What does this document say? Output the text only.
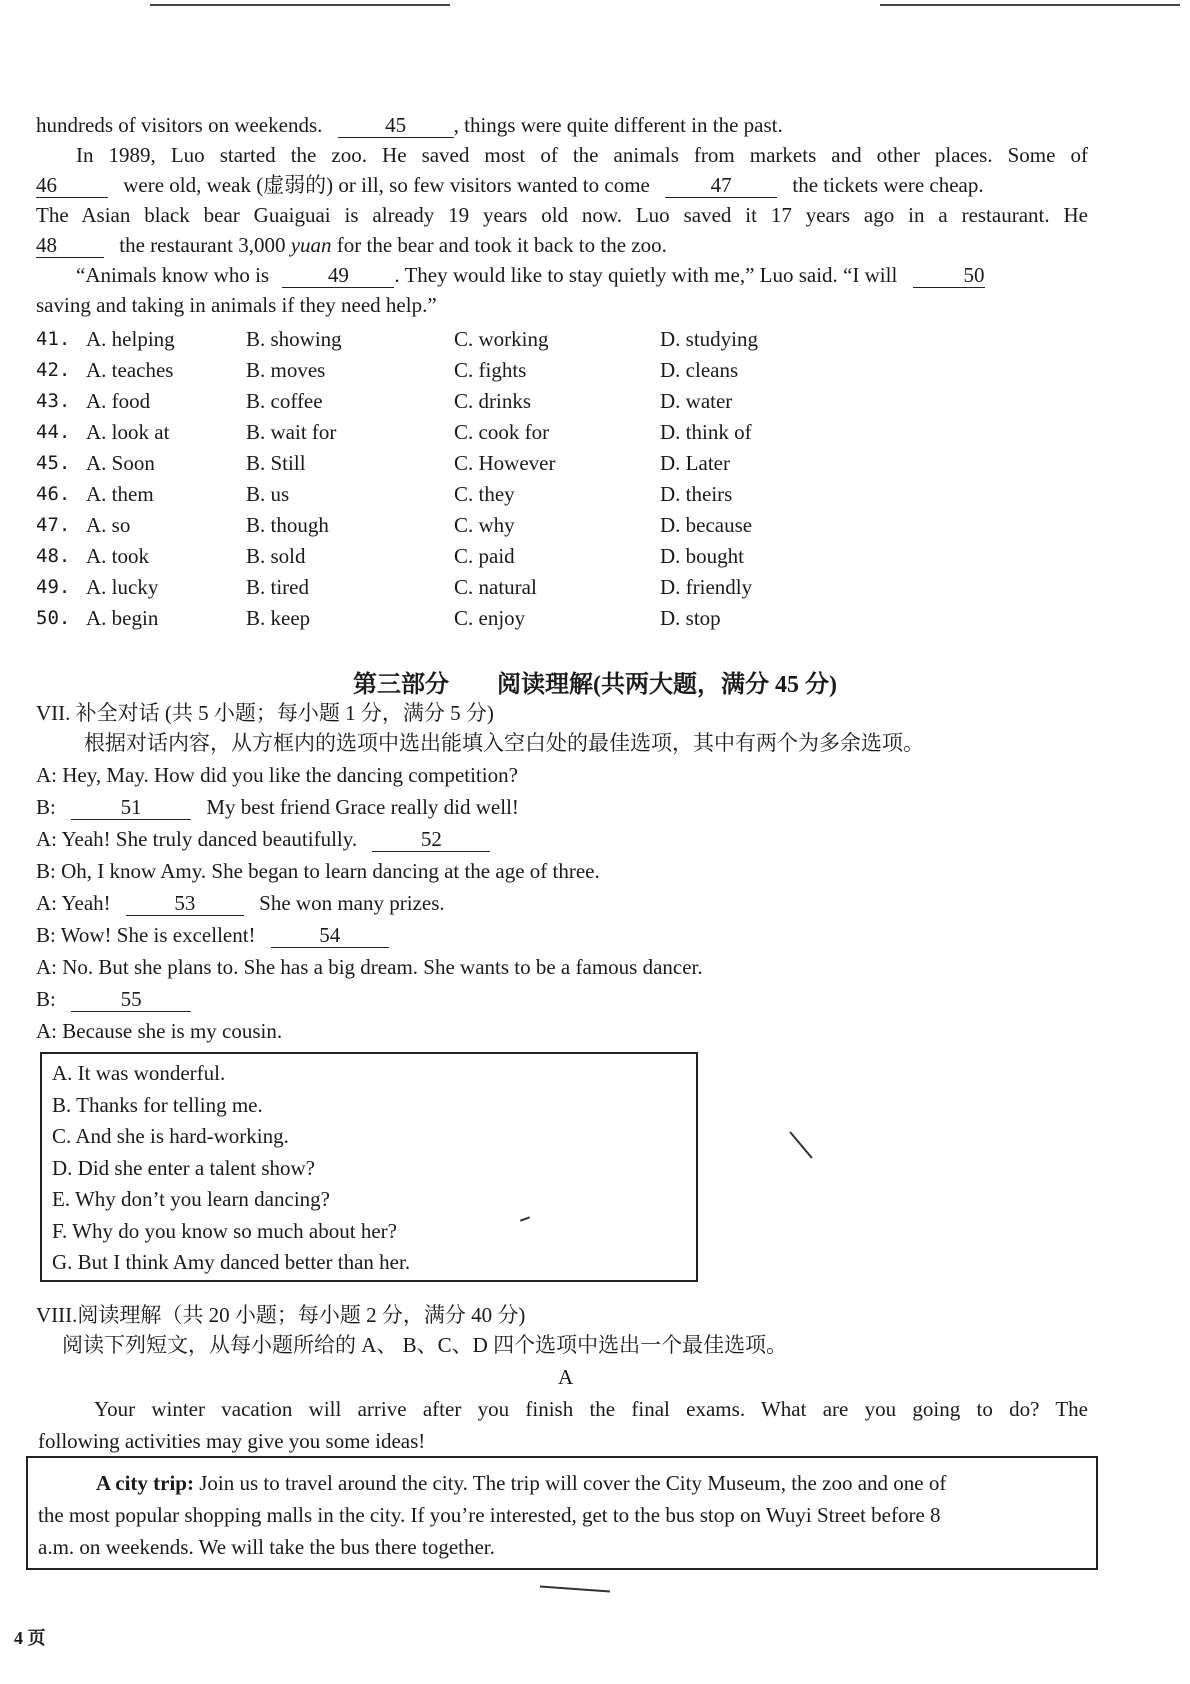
hundreds of visitors on weekends.	45 , things were quite different in the past.
In 1989, Luo started the zoo. He saved most of the animals from markets and other places. Some of
46	were old, weak (虚弱的) or ill, so few visitors wanted to come	47	the tickets were cheap.
The Asian black bear Guaiguai is already 19 years old now. Luo saved it 17 years ago in a restaurant. He
48	the restaurant 3,000 yuan for the bear and took it back to the zoo.
“Animals know who is	49 . They would like to stay quietly with me,” Luo said. “I will	50
saving and taking in animals if they need help.”
41. A. helping	B. showing	C. working	D. studying
42. A. teaches	B. moves	C. fights	D. cleans
43. A. food	B. coffee	C. drinks	D. water
44. A. look at	B. wait for	C. cook for	D. think of
45. A. Soon	B. Still	C. However	D. Later
46. A. them	B. us	C. they	D. theirs
47. A. so	B. though	C. why	D. because
48. A. took	B. sold	C. paid	D. bought
49. A. lucky	B. tired	C. natural	D. friendly
50. A. begin	B. keep	C. enjoy	D. stop
第三部分　　阅读理解(共两大题，满分 45 分)
VII. 补全对话 (共 5 小题；每小题 1 分，满分 5 分)
根据对话内容，从方框内的选项中选出能填入空白处的最佳选项，其中有两个为多余选项。
A: Hey, May. How did you like the dancing competition?
B:	51	My best friend Grace really did well!
A: Yeah! She truly danced beautifully.	52
B: Oh, I know Amy. She began to learn dancing at the age of three.
A: Yeah!	53	She won many prizes.
B: Wow! She is excellent!	54
A: No. But she plans to. She has a big dream. She wants to be a famous dancer.
B:	55
A: Because she is my cousin.
A. It was wonderful.
B. Thanks for telling me.
C. And she is hard-working.
D. Did she enter a talent show?
E. Why don’t you learn dancing?
F. Why do you know so much about her?
G. But I think Amy danced better than her.
VIII.阅读理解（共 20 小题；每小题 2 分，满分 40 分)
阅读下列短文，从每小题所给的 A、 B、C、D 四个选项中选出一个最佳选项。
A
Your winter vacation will arrive after you finish the final exams. What are you going to do? The
following activities may give you some ideas!
A city trip: Join us to travel around the city. The trip will cover the City Museum, the zoo and one of
the most popular shopping malls in the city. If you’re interested, get to the bus stop on Wuyi Street before 8
a.m. on weekends. We will take the bus there together.
4 页
